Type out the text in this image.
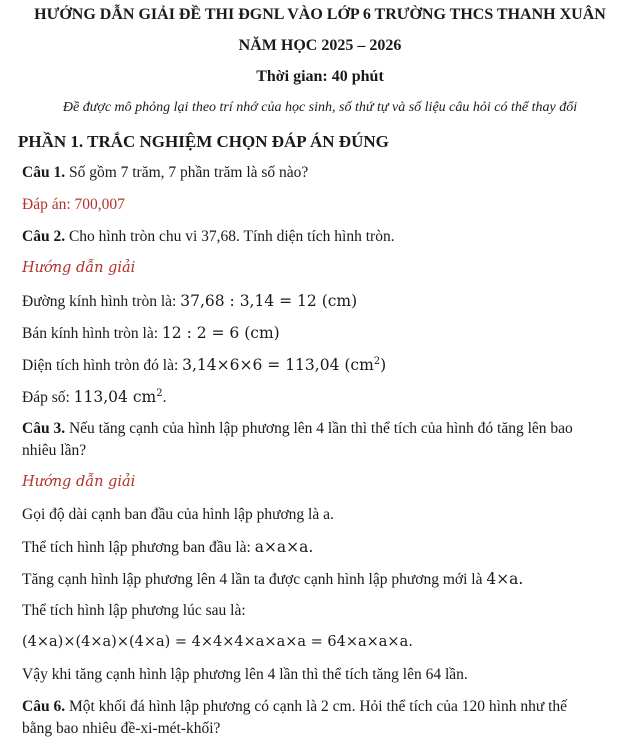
HƯỚNG DẪN GIẢI ĐỀ THI ĐGNL VÀO LỚP 6 TRƯỜNG THCS THANH XUÂN
NĂM HỌC 2025 – 2026
Thời gian: 40 phút
Đề được mô phỏng lại theo trí nhớ của học sinh, số thứ tự và số liệu câu hỏi có thể thay đổi
PHẦN 1. TRẮC NGHIỆM CHỌN ĐÁP ÁN ĐÚNG
Câu 1. Số gồm 7 trăm, 7 phần trăm là số nào?
Đáp án: 700,007
Câu 2. Cho hình tròn chu vi 37,68. Tính diện tích hình tròn.
Hướng dẫn giải
Đường kính hình tròn là: 37,68 : 3,14 = 12 (cm)
Bán kính hình tròn là: 12 : 2 = 6 (cm)
Diện tích hình tròn đó là: 3,14×6×6 = 113,04 $(cm^2)$
Đáp số: 113,04 $cm^2$.
Câu 3. Nếu tăng cạnh của hình lập phương lên 4 lần thì thể tích của hình đó tăng lên bao
nhiêu lần?
Hướng dẫn giải
Gọi độ dài cạnh ban đầu của hình lập phương là a.
Thể tích hình lập phương ban đầu là: a×a×a.
Tăng cạnh hình lập phương lên 4 lần ta được cạnh hình lập phương mới là 4×a.
Thể tích hình lập phương lúc sau là:
(4×a)×(4×a)×(4×a) = 4×4×4×a×a×a = 64×a×a×a.
Vậy khi tăng cạnh hình lập phương lên 4 lần thì thể tích tăng lên 64 lần.
Câu 6. Một khối đá hình lập phương có cạnh là 2 cm. Hỏi thể tích của 120 hình như thế
bằng bao nhiêu đề-xi-mét-khối?
